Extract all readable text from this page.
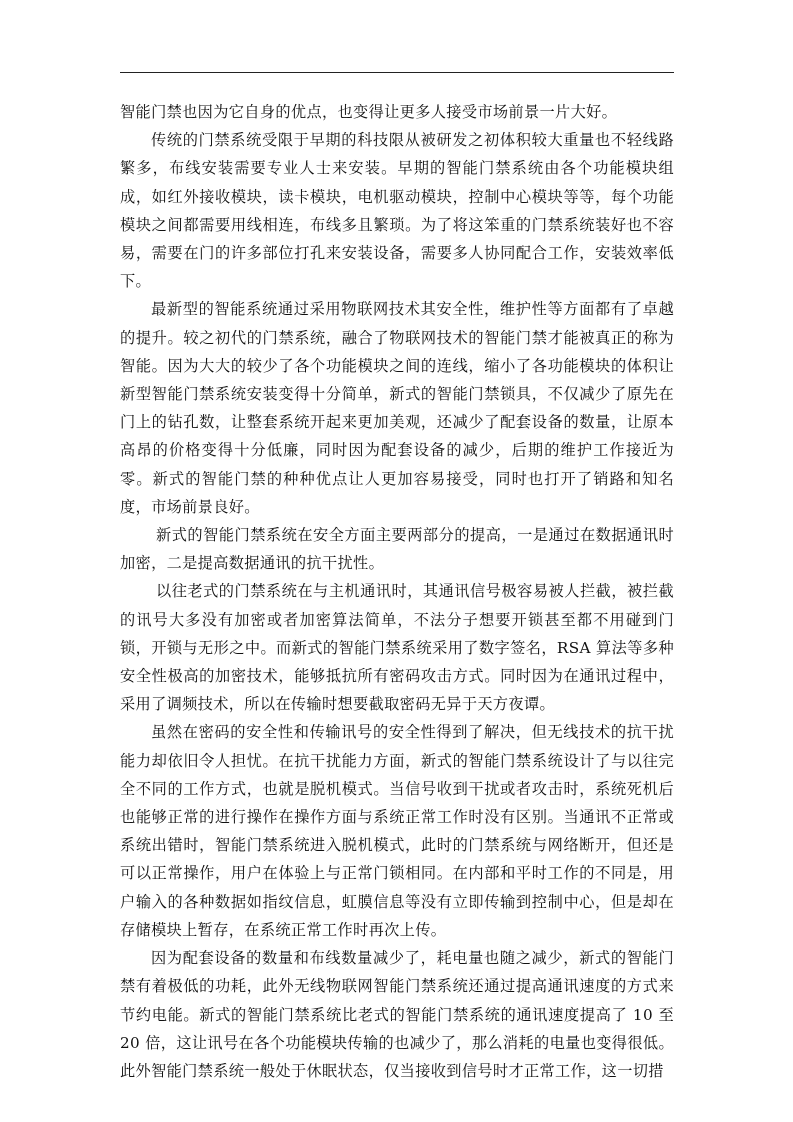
智能门禁也因为它自身的优点，也变得让更多人接受市场前景一片大好。

传统的门禁系统受限于早期的科技限从被研发之初体积较大重量也不轻线路繁多，布线安装需要专业人士来安装。早期的智能门禁系统由各个功能模块组成，如红外接收模块，读卡模块，电机驱动模块，控制中心模块等等，每个功能模块之间都需要用线相连，布线多且繁琐。为了将这笨重的门禁系统装好也不容易，需要在门的许多部位打孔来安装设备，需要多人协同配合工作，安装效率低下。

最新型的智能系统通过采用物联网技术其安全性，维护性等方面都有了卓越的提升。较之初代的门禁系统，融合了物联网技术的智能门禁才能被真正的称为智能。因为大大的较少了各个功能模块之间的连线，缩小了各功能模块的体积让新型智能门禁系统安装变得十分简单，新式的智能门禁锁具，不仅减少了原先在门上的钻孔数，让整套系统开起来更加美观，还减少了配套设备的数量，让原本高昂的价格变得十分低廉，同时因为配套设备的减少，后期的维护工作接近为零。新式的智能门禁的种种优点让人更加容易接受，同时也打开了销路和知名度，市场前景良好。

新式的智能门禁系统在安全方面主要两部分的提高，一是通过在数据通讯时加密，二是提高数据通讯的抗干扰性。

以往老式的门禁系统在与主机通讯时，其通讯信号极容易被人拦截，被拦截的讯号大多没有加密或者加密算法简单，不法分子想要开锁甚至都不用碰到门锁，开锁与无形之中。而新式的智能门禁系统采用了数字签名，RSA 算法等多种安全性极高的加密技术，能够抵抗所有密码攻击方式。同时因为在通讯过程中，采用了调频技术，所以在传输时想要截取密码无异于天方夜谭。

虽然在密码的安全性和传输讯号的安全性得到了解决，但无线技术的抗干扰能力却依旧令人担忧。在抗干扰能力方面，新式的智能门禁系统设计了与以往完全不同的工作方式，也就是脱机模式。当信号收到干扰或者攻击时，系统死机后也能够正常的进行操作在操作方面与系统正常工作时没有区别。当通讯不正常或系统出错时，智能门禁系统进入脱机模式，此时的门禁系统与网络断开，但还是可以正常操作，用户在体验上与正常门锁相同。在内部和平时工作的不同是，用户输入的各种数据如指纹信息，虹膜信息等没有立即传输到控制中心，但是却在存储模块上暂存，在系统正常工作时再次上传。

因为配套设备的数量和布线数量减少了，耗电量也随之减少，新式的智能门禁有着极低的功耗，此外无线物联网智能门禁系统还通过提高通讯速度的方式来节约电能。新式的智能门禁系统比老式的智能门禁系统的通讯速度提高了 10 至 20 倍，这让讯号在各个功能模块传输的也减少了，那么消耗的电量也变得很低。此外智能门禁系统一般处于休眠状态，仅当接收到信号时才正常工作，这一切措
